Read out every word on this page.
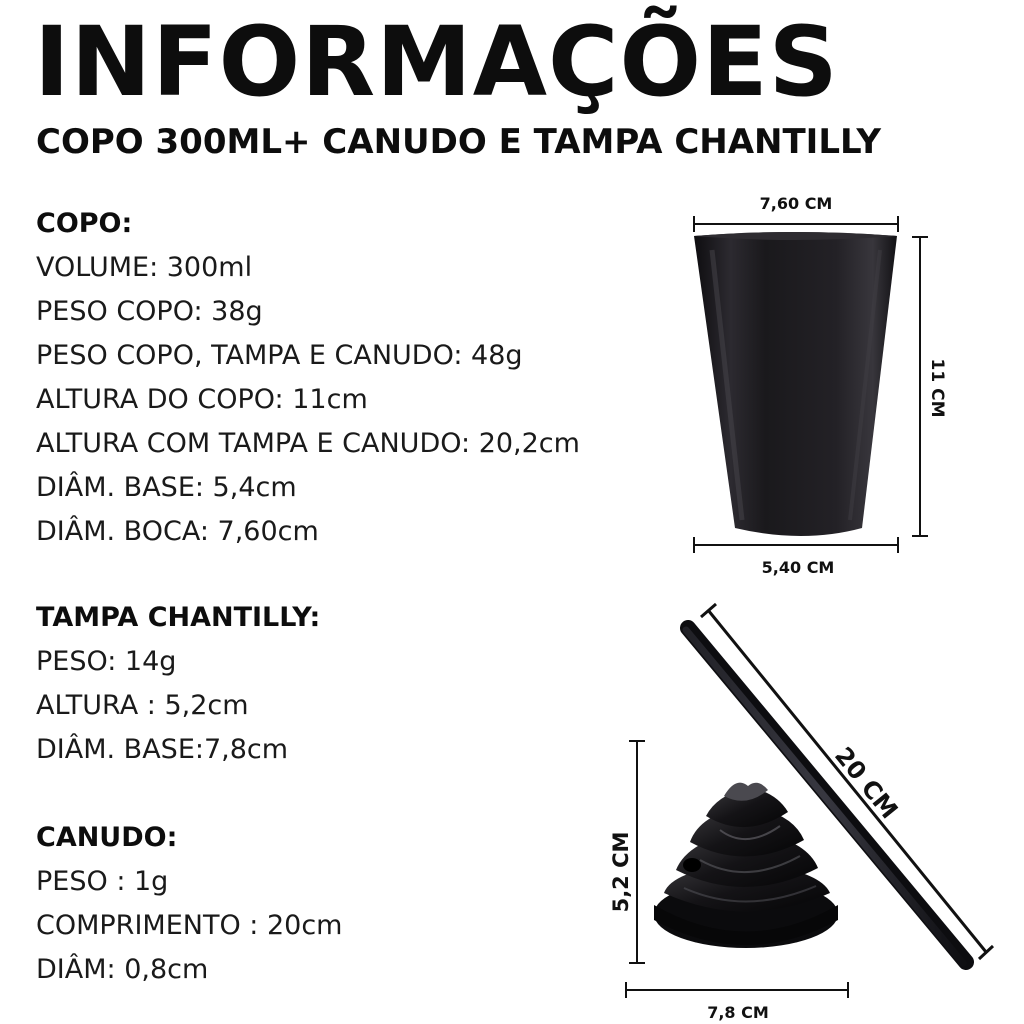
INFORMAÇÕES
COPO 300ML+ CANUDO E TAMPA CHANTILLY
COPO:
VOLUME: 300ml
PESO COPO: 38g
PESO COPO, TAMPA E CANUDO: 48g
ALTURA DO COPO: 11cm
ALTURA COM TAMPA E CANUDO: 20,2cm
DIÂM. BASE: 5,4cm
DIÂM. BOCA: 7,60cm
TAMPA CHANTILLY:
PESO: 14g
ALTURA : 5,2cm
DIÂM. BASE:7,8cm
CANUDO:
PESO : 1g
COMPRIMENTO : 20cm
DIÂM: 0,8cm
7,60 CM
11 CM
5,40 CM
20 CM
5,2 CM
7,8 CM
